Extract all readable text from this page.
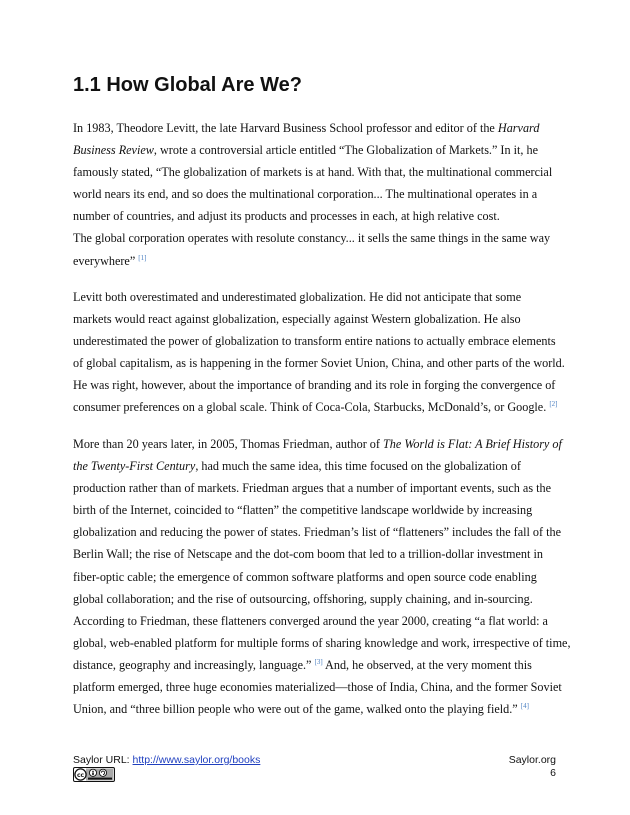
1.1 How Global Are We?

In 1983, Theodore Levitt, the late Harvard Business School professor and editor of the Harvard
Business Review, wrote a controversial article entitled “The Globalization of Markets.” In it, he
famously stated, “The globalization of markets is at hand. With that, the multinational commercial
world nears its end, and so does the multinational corporation... The multinational operates in a
number of countries, and adjust its products and processes in each, at high relative cost.
The global corporation operates with resolute constancy... it sells the same things in the same way
everywhere” [1]

Levitt both overestimated and underestimated globalization. He did not anticipate that some
markets would react against globalization, especially against Western globalization. He also
underestimated the power of globalization to transform entire nations to actually embrace elements
of global capitalism, as is happening in the former Soviet Union, China, and other parts of the world.
He was right, however, about the importance of branding and its role in forging the convergence of
consumer preferences on a global scale. Think of Coca-Cola, Starbucks, McDonald’s, or Google. [2]

More than 20 years later, in 2005, Thomas Friedman, author of The World is Flat: A Brief History of
the Twenty-First Century, had much the same idea, this time focused on the globalization of
production rather than of markets. Friedman argues that a number of important events, such as the
birth of the Internet, coincided to “flatten” the competitive landscape worldwide by increasing
globalization and reducing the power of states. Friedman’s list of “flatteners” includes the fall of the
Berlin Wall; the rise of Netscape and the dot-com boom that led to a trillion-dollar investment in
fiber-optic cable; the emergence of common software platforms and open source code enabling
global collaboration; and the rise of outsourcing, offshoring, supply chaining, and in-sourcing.
According to Friedman, these flatteners converged around the year 2000, creating “a flat world: a
global, web-enabled platform for multiple forms of sharing knowledge and work, irrespective of time,
distance, geography and increasingly, language.” [3] And, he observed, at the very moment this
platform emerged, three huge economies materialized—those of India, China, and the former Soviet
Union, and “three billion people who were out of the game, walked onto the playing field.” [4]

Saylor URL: http://www.saylor.org/books
cc
Saylor.org
6
